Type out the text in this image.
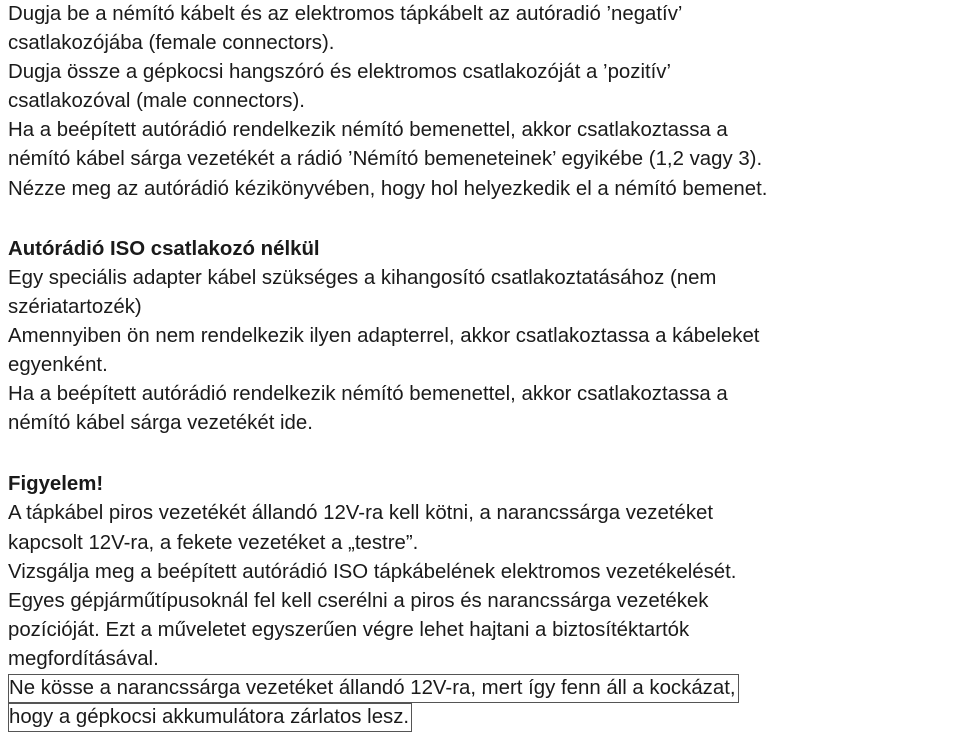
Dugja be a némító kábelt és az elektromos tápkábelt az autóradió ’negatív’
csatlakozójába (female connectors).
Dugja össze a gépkocsi hangszóró és elektromos csatlakozóját a ’pozitív’
csatlakozóval (male connectors).
Ha a beépített autórádió rendelkezik némító bemenettel, akkor csatlakoztassa a
némító kábel sárga vezetékét a rádió ’Némító bemeneteinek’ egyikébe (1,2 vagy 3).
Nézze meg az autórádió kézikönyvében, hogy hol helyezkedik el a némító bemenet.
Autórádió ISO csatlakozó nélkül
Egy speciális adapter kábel szükséges a kihangosító csatlakoztatásához (nem
szériatartozék)
Amennyiben ön nem rendelkezik ilyen adapterrel, akkor csatlakoztassa a kábeleket
egyenként.
Ha a beépített autórádió rendelkezik némító bemenettel, akkor csatlakoztassa a
némító kábel sárga vezetékét ide.
Figyelem!
A tápkábel piros vezetékét állandó 12V-ra kell kötni, a narancssárga vezetéket
kapcsolt 12V-ra, a fekete vezetéket a „testre”.
Vizsgálja meg a beépített autórádió ISO tápkábelének elektromos vezetékelését.
Egyes gépjárműtípusoknál fel kell cserélni a piros és narancssárga vezetékek
pozícióját. Ezt a műveletet egyszerűen végre lehet hajtani a biztosítéktartók
megfordításával.
Ne kösse a narancssárga vezetéket állandó 12V-ra, mert így fenn áll a kockázat,
hogy a gépkocsi akkumulátora zárlatos lesz.
